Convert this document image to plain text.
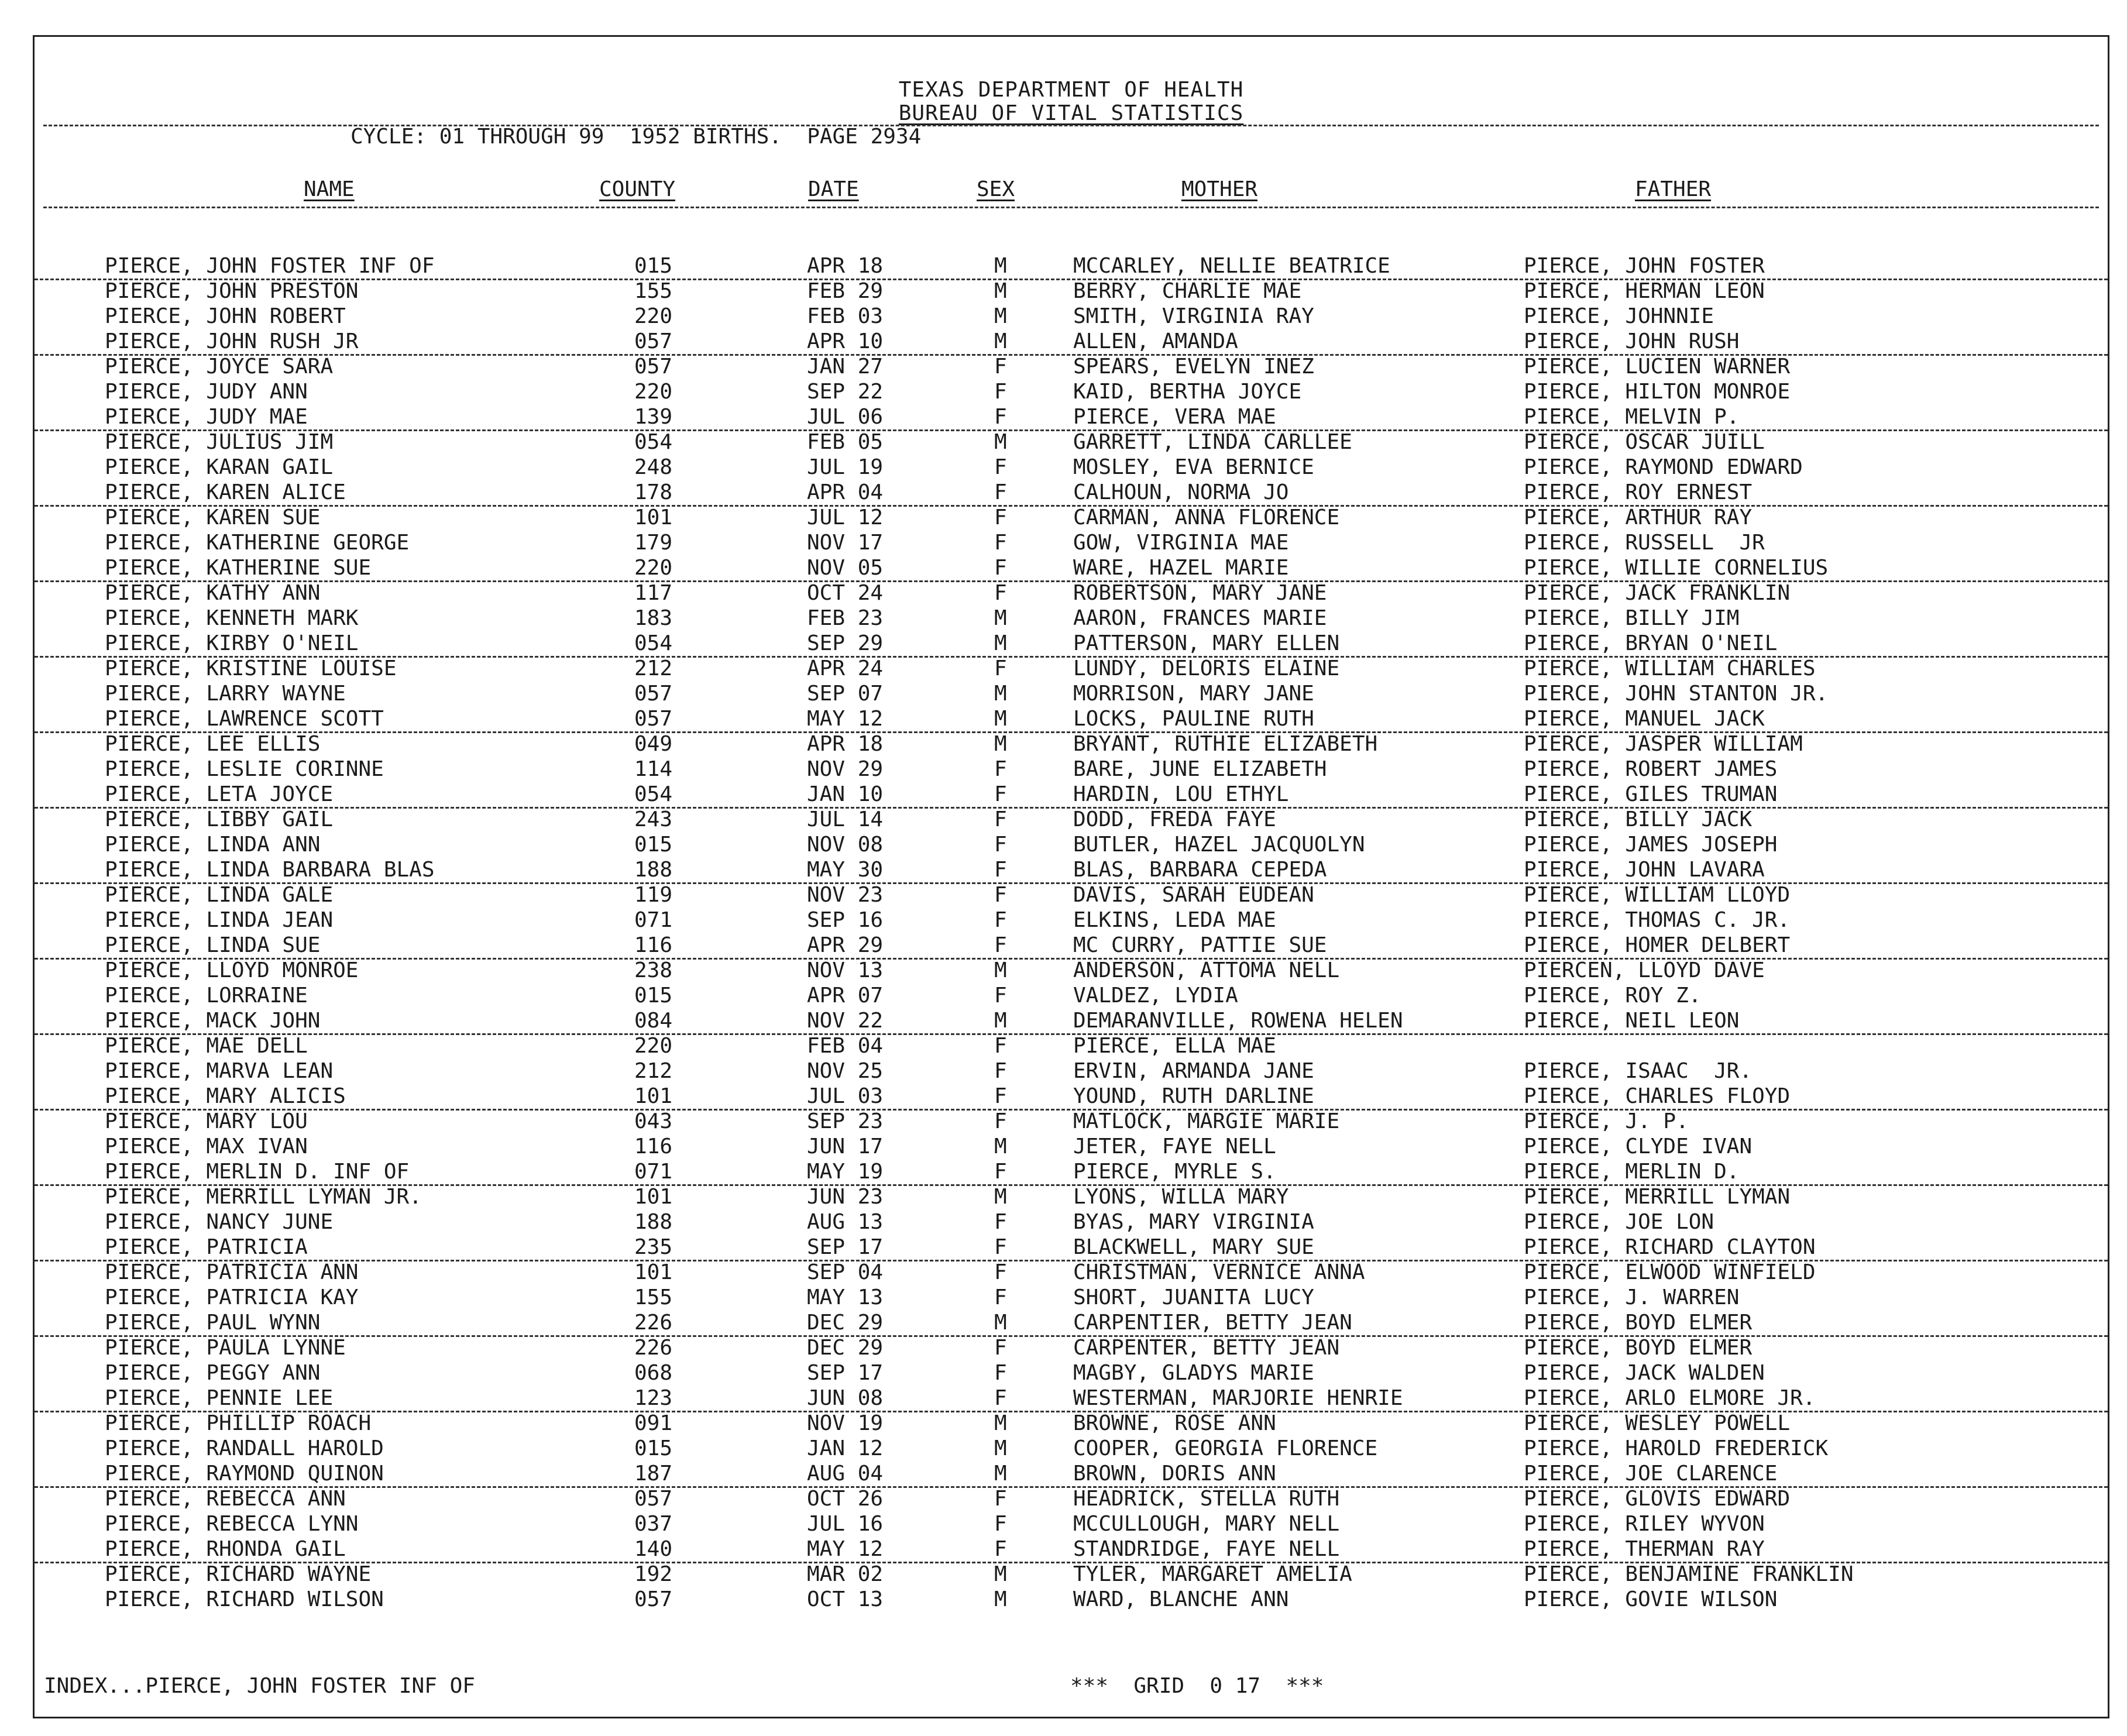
TEXAS DEPARTMENT OF HEALTH
BUREAU OF VITAL STATISTICS
CYCLE: 01 THROUGH 99  1952 BIRTHS.  PAGE 2934
NAME	COUNTY	DATE	SEX	MOTHER	FATHER
PIERCE, JOHN FOSTER INF OF	015	APR 18	M	MCCARLEY, NELLIE BEATRICE	PIERCE, JOHN FOSTER
PIERCE, JOHN PRESTON	155	FEB 29	M	BERRY, CHARLIE MAE	PIERCE, HERMAN LEON
PIERCE, JOHN ROBERT	220	FEB 03	M	SMITH, VIRGINIA RAY	PIERCE, JOHNNIE
PIERCE, JOHN RUSH JR	057	APR 10	M	ALLEN, AMANDA	PIERCE, JOHN RUSH
PIERCE, JOYCE SARA	057	JAN 27	F	SPEARS, EVELYN INEZ	PIERCE, LUCIEN WARNER
PIERCE, JUDY ANN	220	SEP 22	F	KAID, BERTHA JOYCE	PIERCE, HILTON MONROE
PIERCE, JUDY MAE	139	JUL 06	F	PIERCE, VERA MAE	PIERCE, MELVIN P.
PIERCE, JULIUS JIM	054	FEB 05	M	GARRETT, LINDA CARLLEE	PIERCE, OSCAR JUILL
PIERCE, KARAN GAIL	248	JUL 19	F	MOSLEY, EVA BERNICE	PIERCE, RAYMOND EDWARD
PIERCE, KAREN ALICE	178	APR 04	F	CALHOUN, NORMA JO	PIERCE, ROY ERNEST
PIERCE, KAREN SUE	101	JUL 12	F	CARMAN, ANNA FLORENCE	PIERCE, ARTHUR RAY
PIERCE, KATHERINE GEORGE	179	NOV 17	F	GOW, VIRGINIA MAE	PIERCE, RUSSELL  JR
PIERCE, KATHERINE SUE	220	NOV 05	F	WARE, HAZEL MARIE	PIERCE, WILLIE CORNELIUS
PIERCE, KATHY ANN	117	OCT 24	F	ROBERTSON, MARY JANE	PIERCE, JACK FRANKLIN
PIERCE, KENNETH MARK	183	FEB 23	M	AARON, FRANCES MARIE	PIERCE, BILLY JIM
PIERCE, KIRBY O'NEIL	054	SEP 29	M	PATTERSON, MARY ELLEN	PIERCE, BRYAN O'NEIL
PIERCE, KRISTINE LOUISE	212	APR 24	F	LUNDY, DELORIS ELAINE	PIERCE, WILLIAM CHARLES
PIERCE, LARRY WAYNE	057	SEP 07	M	MORRISON, MARY JANE	PIERCE, JOHN STANTON JR.
PIERCE, LAWRENCE SCOTT	057	MAY 12	M	LOCKS, PAULINE RUTH	PIERCE, MANUEL JACK
PIERCE, LEE ELLIS	049	APR 18	M	BRYANT, RUTHIE ELIZABETH	PIERCE, JASPER WILLIAM
PIERCE, LESLIE CORINNE	114	NOV 29	F	BARE, JUNE ELIZABETH	PIERCE, ROBERT JAMES
PIERCE, LETA JOYCE	054	JAN 10	F	HARDIN, LOU ETHYL	PIERCE, GILES TRUMAN
PIERCE, LIBBY GAIL	243	JUL 14	F	DODD, FREDA FAYE	PIERCE, BILLY JACK
PIERCE, LINDA ANN	015	NOV 08	F	BUTLER, HAZEL JACQUOLYN	PIERCE, JAMES JOSEPH
PIERCE, LINDA BARBARA BLAS	188	MAY 30	F	BLAS, BARBARA CEPEDA	PIERCE, JOHN LAVARA
PIERCE, LINDA GALE	119	NOV 23	F	DAVIS, SARAH EUDEAN	PIERCE, WILLIAM LLOYD
PIERCE, LINDA JEAN	071	SEP 16	F	ELKINS, LEDA MAE	PIERCE, THOMAS C. JR.
PIERCE, LINDA SUE	116	APR 29	F	MC CURRY, PATTIE SUE	PIERCE, HOMER DELBERT
PIERCE, LLOYD MONROE	238	NOV 13	M	ANDERSON, ATTOMA NELL	PIERCEN, LLOYD DAVE
PIERCE, LORRAINE	015	APR 07	F	VALDEZ, LYDIA	PIERCE, ROY Z.
PIERCE, MACK JOHN	084	NOV 22	M	DEMARANVILLE, ROWENA HELEN	PIERCE, NEIL LEON
PIERCE, MAE DELL	220	FEB 04	F	PIERCE, ELLA MAE
PIERCE, MARVA LEAN	212	NOV 25	F	ERVIN, ARMANDA JANE	PIERCE, ISAAC  JR.
PIERCE, MARY ALICIS	101	JUL 03	F	YOUND, RUTH DARLINE	PIERCE, CHARLES FLOYD
PIERCE, MARY LOU	043	SEP 23	F	MATLOCK, MARGIE MARIE	PIERCE, J. P.
PIERCE, MAX IVAN	116	JUN 17	M	JETER, FAYE NELL	PIERCE, CLYDE IVAN
PIERCE, MERLIN D. INF OF	071	MAY 19	F	PIERCE, MYRLE S.	PIERCE, MERLIN D.
PIERCE, MERRILL LYMAN JR.	101	JUN 23	M	LYONS, WILLA MARY	PIERCE, MERRILL LYMAN
PIERCE, NANCY JUNE	188	AUG 13	F	BYAS, MARY VIRGINIA	PIERCE, JOE LON
PIERCE, PATRICIA	235	SEP 17	F	BLACKWELL, MARY SUE	PIERCE, RICHARD CLAYTON
PIERCE, PATRICIA ANN	101	SEP 04	F	CHRISTMAN, VERNICE ANNA	PIERCE, ELWOOD WINFIELD
PIERCE, PATRICIA KAY	155	MAY 13	F	SHORT, JUANITA LUCY	PIERCE, J. WARREN
PIERCE, PAUL WYNN	226	DEC 29	M	CARPENTIER, BETTY JEAN	PIERCE, BOYD ELMER
PIERCE, PAULA LYNNE	226	DEC 29	F	CARPENTER, BETTY JEAN	PIERCE, BOYD ELMER
PIERCE, PEGGY ANN	068	SEP 17	F	MAGBY, GLADYS MARIE	PIERCE, JACK WALDEN
PIERCE, PENNIE LEE	123	JUN 08	F	WESTERMAN, MARJORIE HENRIE	PIERCE, ARLO ELMORE JR.
PIERCE, PHILLIP ROACH	091	NOV 19	M	BROWNE, ROSE ANN	PIERCE, WESLEY POWELL
PIERCE, RANDALL HAROLD	015	JAN 12	M	COOPER, GEORGIA FLORENCE	PIERCE, HAROLD FREDERICK
PIERCE, RAYMOND QUINON	187	AUG 04	M	BROWN, DORIS ANN	PIERCE, JOE CLARENCE
PIERCE, REBECCA ANN	057	OCT 26	F	HEADRICK, STELLA RUTH	PIERCE, GLOVIS EDWARD
PIERCE, REBECCA LYNN	037	JUL 16	F	MCCULLOUGH, MARY NELL	PIERCE, RILEY WYVON
PIERCE, RHONDA GAIL	140	MAY 12	F	STANDRIDGE, FAYE NELL	PIERCE, THERMAN RAY
PIERCE, RICHARD WAYNE	192	MAR 02	M	TYLER, MARGARET AMELIA	PIERCE, BENJAMINE FRANKLIN
PIERCE, RICHARD WILSON	057	OCT 13	M	WARD, BLANCHE ANN	PIERCE, GOVIE WILSON
INDEX...PIERCE, JOHN FOSTER INF OF	***  GRID  0 17  ***
